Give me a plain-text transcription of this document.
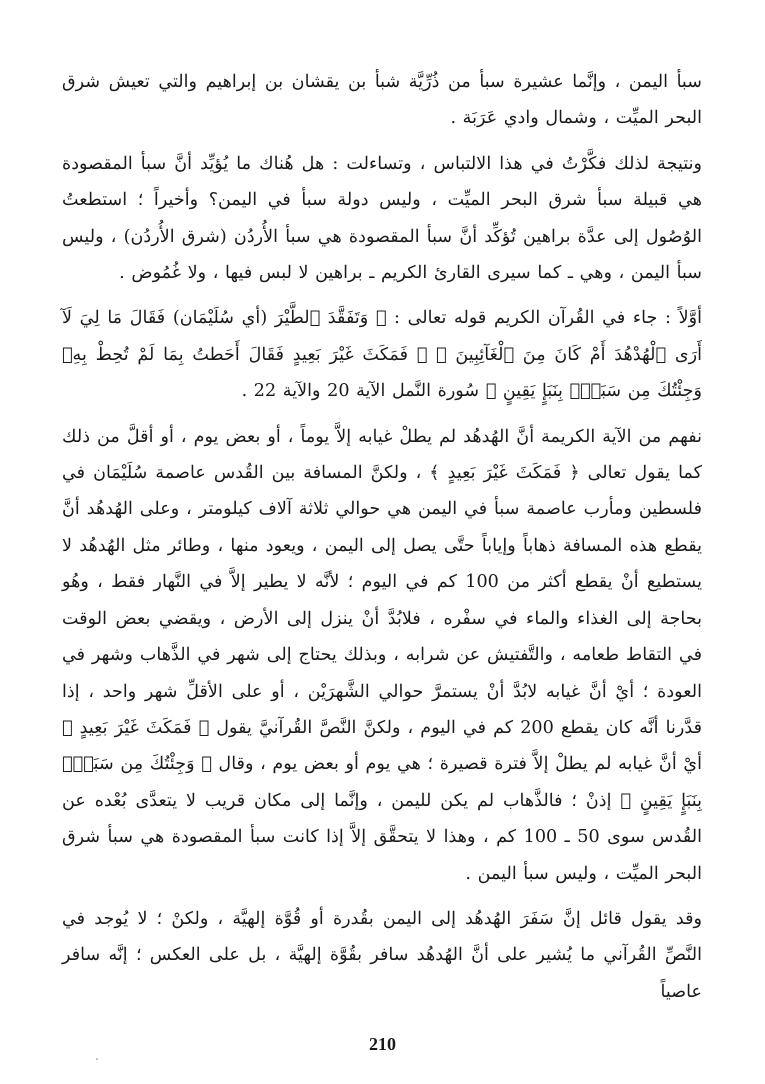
سبأ اليمن ، وإنَّما عشيرة سبأ من ذُرِّيَّة شبأ بن يقشان بن إبراهيم والتي تعيش شرق البحر الميِّت ، وشمال وادي عَرَبَة .

ونتيجة لذلك فكَّرْتُ في هذا الالتباس ، وتساءلت : هل هُناك ما يُؤيِّد أنَّ سبأ المقصودة هي قبيلة سبأ شرق البحر الميِّت ، وليس دولة سبأ في اليمن؟ وأخيراً ؛ استطعتُ الوُصُول إلى عدَّة براهين تُؤكِّد أنَّ سبأ المقصودة هي سبأ الأُردُن (شرق الأُردُن) ، وليس سبأ اليمن ، وهي ـ كما سيرى القارئ الكريم ـ براهين لا لبس فيها ، ولا غُمُوض .

أوَّلاً : جاء في القُرآن الكريم قوله تعالى : ﴿ وَتَفَقَّدَ ٱلطَّيْرَ (أي سُلَيْمَان) فَقَالَ مَا لِيَ لَآ أَرَى ٱلْهُدْهُدَ أَمْ كَانَ مِنَ ٱلْغَآئِبِينَ ﴾ ﴿ فَمَكَثَ غَيْرَ بَعِيدٍ فَقَالَ أَحَطتُ بِمَا لَمْ تُحِطْ بِهِۦ وَجِئْتُكَ مِن سَبَإٍۭ بِنَبَإٍ يَقِينٍ ﴾ سُورة النَّمل الآية 20 والآية 22 .

نفهم من الآية الكريمة أنَّ الهُدهُد لم يطلْ غيابه إلاَّ يوماً ، أو بعض يوم ، أو أقلَّ من ذلك كما يقول تعالى ﴿ فَمَكَثَ غَيْرَ بَعِيدٍ ﴾ ، ولكنَّ المسافة بين القُدس عاصمة سُلَيْمَان في فلسطين ومأرب عاصمة سبأ في اليمن هي حوالي ثلاثة آلاف كيلومتر ، وعلى الهُدهُد أنَّ يقطع هذه المسافة ذهاباً وإياباً حتَّى يصل إلى اليمن ، ويعود منها ، وطائر مثل الهُدهُد لا يستطيع أنْ يقطع أكثر من 100 كم في اليوم ؛ لأنَّه لا يطير إلاَّ في النَّهار فقط ، وهُو بحاجة إلى الغذاء والماء في سفْره ، فلابُدَّ أنْ ينزل إلى الأرض ، ويقضي بعض الوقت في التقاط طعامه ، والتَّفتيش عن شرابه ، وبذلك يحتاج إلى شهر في الذَّهاب وشهر في العودة ؛ أيْ أنَّ غيابه لابُدَّ أنْ يستمرَّ حوالي الشَّهرَيْن ، أو على الأقلِّ شهر واحد ، إذا قدَّرنا أنَّه كان يقطع 200 كم في اليوم ، ولكنَّ النَّصَّ القُرآنيَّ يقول ﴿ فَمَكَثَ غَيْرَ بَعِيدٍ ﴾ أيْ أنَّ غيابه لم يطلْ إلاَّ فترة قصيرة ؛ هي يوم أو بعض يوم ، وقال ﴿ وَجِئْتُكَ مِن سَبَإٍۭ بِنَبَإٍ يَقِينٍ ﴾ إذنْ ؛ فالذَّهاب لم يكن لليمن ، وإنَّما إلى مكان قريب لا يتعدَّى بُعْده عن القُدس سوى 50 ـ 100 كم ، وهذا لا يتحقَّق إلاَّ إذا كانت سبأ المقصودة هي سبأ شرق البحر الميِّت ، وليس سبأ اليمن .

وقد يقول قائل إنَّ سَفَرَ الهُدهُد إلى اليمن بقُدرة أو قُوَّة إلهيَّة ، ولكنْ ؛ لا يُوجد في النَّصِّ القُرآني ما يُشير على أنَّ الهُدهُد سافر بقُوَّة إلهيَّة ، بل على العكس ؛ إنَّه سافر عاصياً

210
